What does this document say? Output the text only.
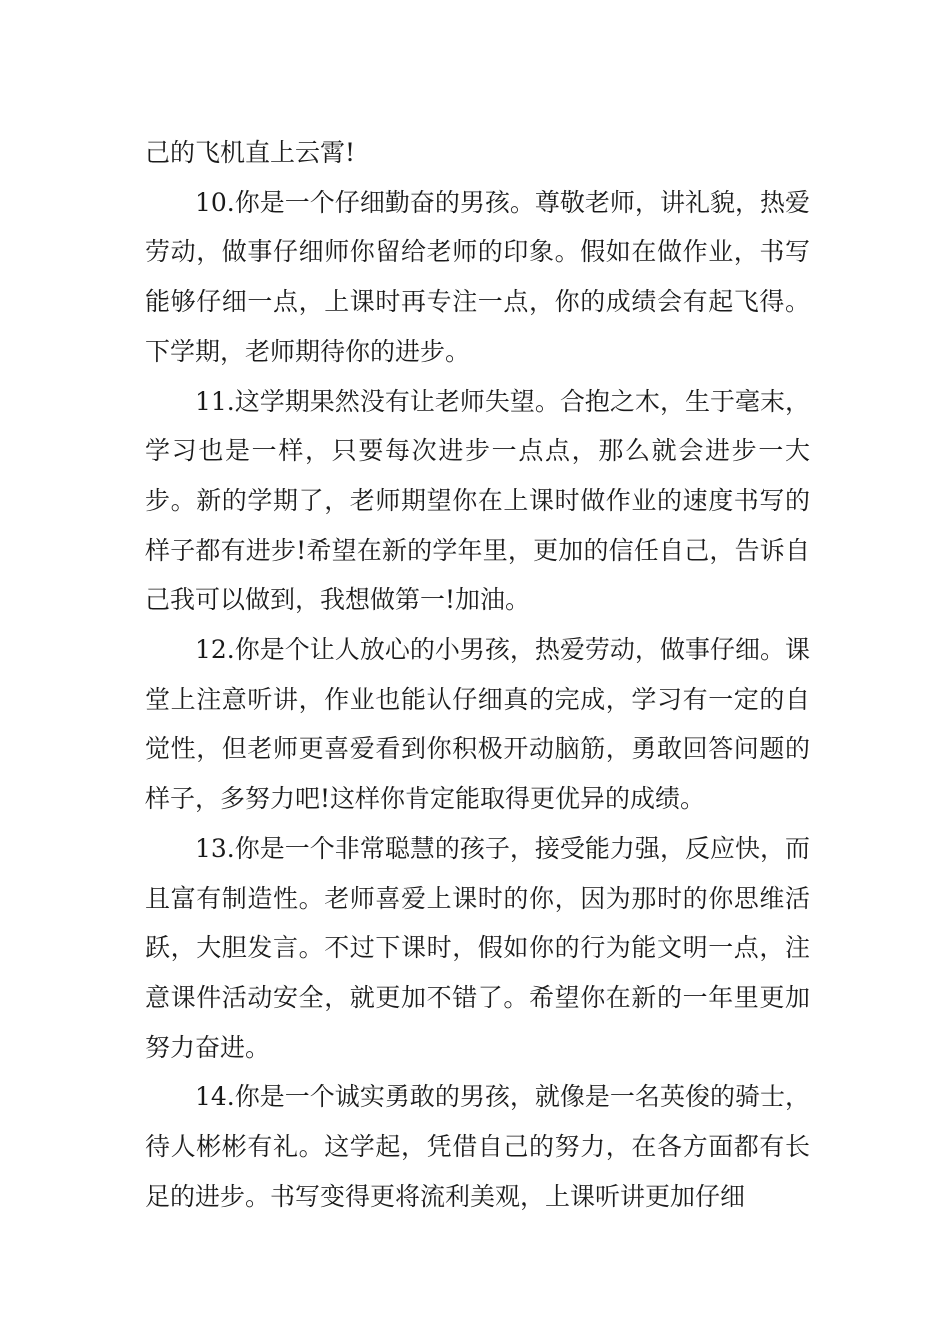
己的飞机直上云霄!

10.你是一个仔细勤奋的男孩。尊敬老师，讲礼貌，热爱劳动，做事仔细师你留给老师的印象。假如在做作业，书写能够仔细一点，上课时再专注一点，你的成绩会有起飞得。下学期，老师期待你的进步。

11.这学期果然没有让老师失望。合抱之木，生于毫末，学习也是一样，只要每次进步一点点，那么就会进步一大步。新的学期了，老师期望你在上课时做作业的速度书写的样子都有进步!希望在新的学年里，更加的信任自己，告诉自己我可以做到，我想做第一!加油。

12.你是个让人放心的小男孩，热爱劳动，做事仔细。课堂上注意听讲，作业也能认仔细真的完成，学习有一定的自觉性，但老师更喜爱看到你积极开动脑筋，勇敢回答问题的样子，多努力吧!这样你肯定能取得更优异的成绩。

13.你是一个非常聪慧的孩子，接受能力强，反应快，而且富有制造性。老师喜爱上课时的你，因为那时的你思维活跃，大胆发言。不过下课时，假如你的行为能文明一点，注意课件活动安全，就更加不错了。希望你在新的一年里更加努力奋进。

14.你是一个诚实勇敢的男孩，就像是一名英俊的骑士，待人彬彬有礼。这学起，凭借自己的努力，在各方面都有长足的进步。书写变得更将流利美观，上课听讲更加仔细
